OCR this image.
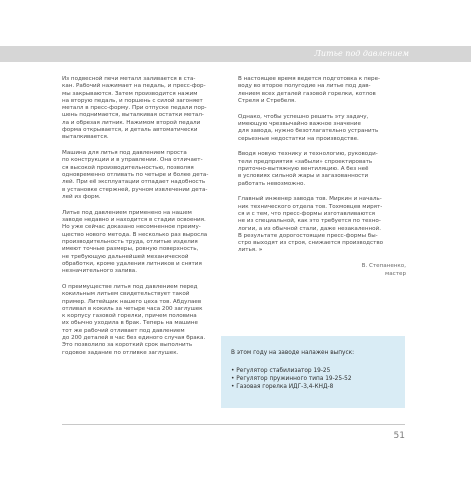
Литье под давлением
Из подвесной печи металл заливается в ста-
кан. Рабочий нажимает на педаль, и пресс-фор-
мы закрываются. Затем производится нажим
на вторую педаль, и поршень с силой загоняет
металл в пресс-форму. При отпуске педали пор-
шень поднимается, выталкивая остатки метал-
ла и обрезая литник. Нажимом второй педали
форма открывается, и деталь автоматически
выталкивается.
Машина для литья под давлением проста
по конструкции и в управлении. Она отличает-
ся высокой производительностью, позволяя
одновременно отливать по четыре и более дета-
лей. При её эксплуатации отпадает надобность
в установке стержней, ручном извлечении дета-
лей из форм.
Литье под давлением применено на нашем
заводе недавно и находится в стадии освоения.
Но уже сейчас доказано несомненное преиму-
щество нового метода. В несколько раз выросла
производительность труда, отлитые изделия
имеют точные размеры, ровную поверхность,
не требующую дальнейшей механической
обработки, кроме удаления литников и снятия
незначительного залива.
О преимуществе литья под давлением перед
кокильным литьем свидетельствует такой
пример. Литейщик нашего цеха тов. Абдулаев
отливал в кокиль за четыре часа 200 заглушек
к корпусу газовой горелки, причем половина
их обычно уходила в брак. Теперь на машине
тот же рабочий отливает под давлением
до 200 деталей в час без единого случая брака.
Это позволило за короткий срок выполнить
годовое задание по отливке заглушек.
В настоящее время ведется подготовка к пере-
воду во второе полугодие на литье под дав-
лением всех деталей газовой горелки, котлов
Стреля и Стребеля.
Однако, чтобы успешно решить эту задачу,
имеющую чрезвычайно важное значение
для завода, нужно безотлагательно устранить
серьезные недостатки на производстве.
Вводя новую технику и технологию, руководи-
тели предприятия «забыли» спроектировать
приточно-вытяжную вентиляцию. А без неё
в условиях сильной жары и загазованности
работать невозможно.
Главный инженер завода тов. Миркин и началь-
ник технического отдела тов. Тохмовцев мирят-
ся и с тем, что пресс-формы изготавливаются
не из специальной, как это требуется по техно-
логии, а из обычной стали, даже незакаленной.
В результате дорогостоящие пресс-формы бы-
стро выходят из строя, снижается производство
литья. »
В. Степаненко,
мастер
В этом году на заводе налажен выпуск:
• Регулятор стабилизатор 19-25
• Регулятор пружинного типа 19-25-52
• Газовая горелка ИДГ-3,4-КНД-8
51
